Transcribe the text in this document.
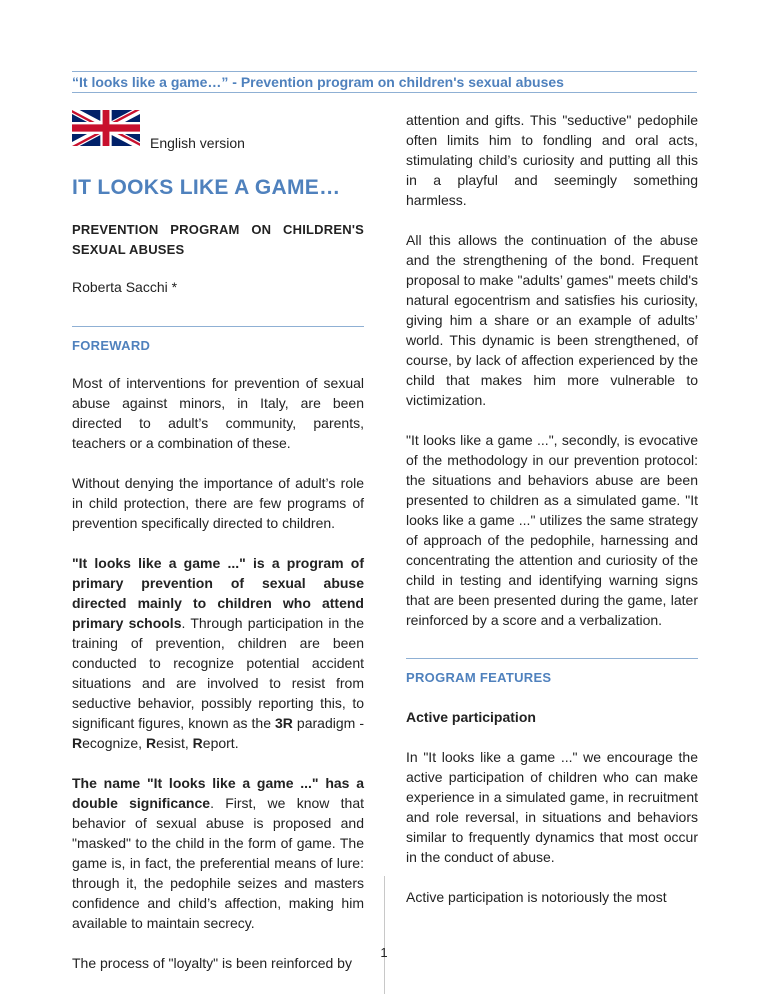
“It looks like a game…” - Prevention program on children's sexual abuses

English version
IT LOOKS LIKE A GAME…

PREVENTION PROGRAM ON CHILDREN'S SEXUAL ABUSES

Roberta Sacchi *

FOREWARD

Most of interventions for prevention of sexual abuse against minors, in Italy, are been directed to adult’s community, parents, teachers or a combination of these.

Without denying the importance of adult’s role in child protection, there are few programs of prevention specifically directed to children.

"It looks like a game ..." is a program of primary prevention of sexual abuse directed mainly to children who attend primary schools. Through participation in the training of prevention, children are been conducted to recognize potential accident situations and are involved to resist from seductive behavior, possibly reporting this, to significant figures, known as the 3R paradigm - Recognize, Resist, Report.

The name "It looks like a game ..." has a double significance. First, we know that behavior of sexual abuse is proposed and "masked" to the child in the form of game. The game is, in fact, the preferential means of lure: through it, the pedophile seizes and masters confidence and child’s affection, making him available to maintain secrecy.

The process of "loyalty" is been reinforced by

attention and gifts. This "seductive" pedophile often limits him to fondling and oral acts, stimulating child’s curiosity and putting all this in a playful and seemingly something harmless.

All this allows the continuation of the abuse and the strengthening of the bond. Frequent proposal to make "adults’ games" meets child's natural egocentrism and satisfies his curiosity, giving him a share or an example of adults’ world. This dynamic is been strengthened, of course, by lack of affection experienced by the child that makes him more vulnerable to victimization.

"It looks like a game ...", secondly, is evocative of the methodology in our prevention protocol: the situations and behaviors abuse are been presented to children as a simulated game. "It looks like a game ..." utilizes the same strategy of approach of the pedophile, harnessing and concentrating the attention and curiosity of the child in testing and identifying warning signs that are been presented during the game, later reinforced by a score and a verbalization.

PROGRAM FEATURES

Active participation

In "It looks like a game ..." we encourage the active participation of children who can make experience in a simulated game, in recruitment and role reversal, in situations and behaviors similar to frequently dynamics that most occur in the conduct of abuse.

Active participation is notoriously the most

1
